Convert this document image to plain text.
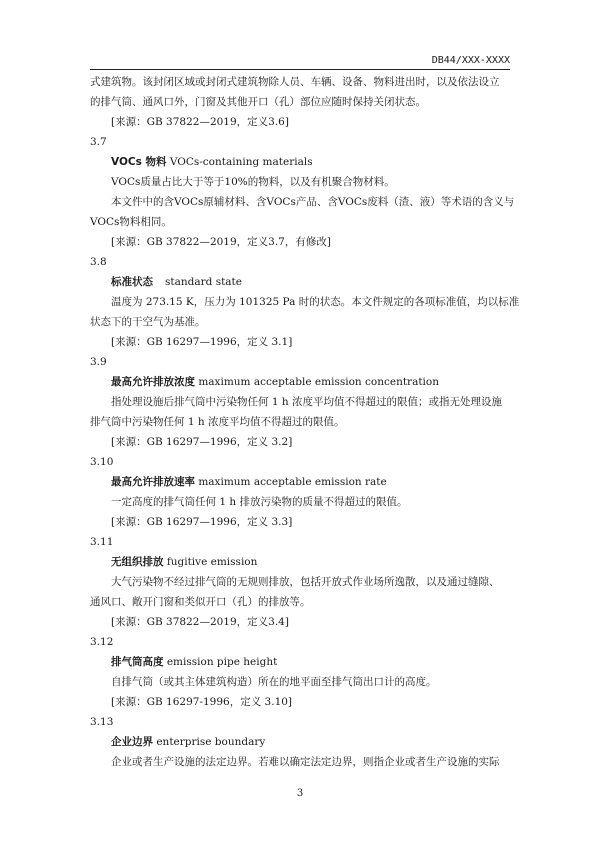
DB44/XXX-XXXX
式建筑物。该封闭区域或封闭式建筑物除人员、车辆、设备、物料进出时，以及依法设立
的排气筒、通风口外，门窗及其他开口（孔）部位应随时保持关闭状态。
[来源：GB 37822—2019，定义3.6]
3.7
VOCs 物料 VOCs-containing materials
VOCs质量占比大于等于10%的物料，以及有机聚合物材料。
本文件中的含VOCs原辅材料、含VOCs产品、含VOCs废料（渣、液）等术语的含义与
VOCs物料相同。
[来源：GB 37822—2019，定义3.7，有修改]
3.8
标准状态 standard state
温度为 273.15 K，压力为 101325 Pa 时的状态。本文件规定的各项标准值，均以标准
状态下的干空气为基准。
[来源：GB 16297—1996，定义 3.1]
3.9
最高允许排放浓度 maximum acceptable emission concentration
指处理设施后排气筒中污染物任何 1 h 浓度平均值不得超过的限值；或指无处理设施
排气筒中污染物任何 1 h 浓度平均值不得超过的限值。
[来源：GB 16297—1996，定义 3.2]
3.10
最高允许排放速率 maximum acceptable emission rate
一定高度的排气筒任何 1 h 排放污染物的质量不得超过的限值。
[来源：GB 16297—1996，定义 3.3]
3.11
无组织排放 fugitive emission
大气污染物不经过排气筒的无规则排放，包括开放式作业场所逸散，以及通过缝隙、
通风口、敞开门窗和类似开口（孔）的排放等。
[来源：GB 37822—2019，定义3.4]
3.12
排气筒高度 emission pipe height
自排气筒（或其主体建筑构造）所在的地平面至排气筒出口计的高度。
[来源：GB 16297-1996，定义 3.10]
3.13
企业边界 enterprise boundary
企业或者生产设施的法定边界。若难以确定法定边界，则指企业或者生产设施的实际
3
